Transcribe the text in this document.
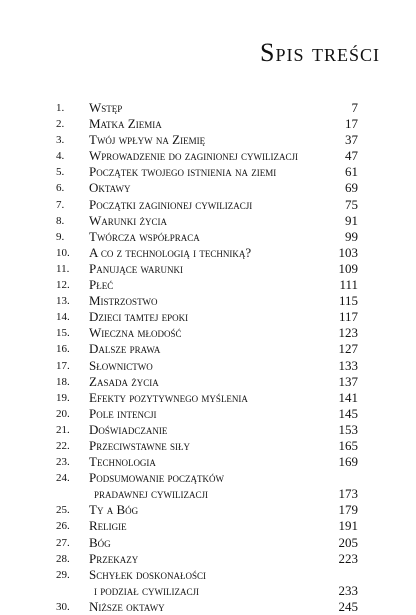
Spis treści
1.	Wstęp	7
2.	Matka Ziemia	17
3.	Twój wpływ na Ziemię	37
4.	Wprowadzenie do zaginionej cywilizacji	47
5.	Początek twojego istnienia na ziemi	61
6.	Oktawy	69
7.	Początki zaginionej cywilizacji	75
8.	Warunki życia	91
9.	Twórcza współpraca	99
10.	A co z technologią i techniką?	103
11.	Panujące warunki	109
12.	Płeć	111
13.	Mistrzostwo	115
14.	Dzieci tamtej epoki	117
15.	Wieczna młodość	123
16.	Dalsze prawa	127
17.	Słownictwo	133
18.	Zasada życia	137
19.	Efekty pozytywnego myślenia	141
20.	Pole intencji	145
21.	Doświadczanie	153
22.	Przeciwstawne siły	165
23.	Technologia	169
24.	Podsumowanie początków
pradawnej cywilizacji	173
25.	Ty a Bóg	179
26.	Religie	191
27.	Bóg	205
28.	Przekazy	223
29.	Schyłek doskonałości
i podział cywilizacji	233
30.	Niższe oktawy	245
